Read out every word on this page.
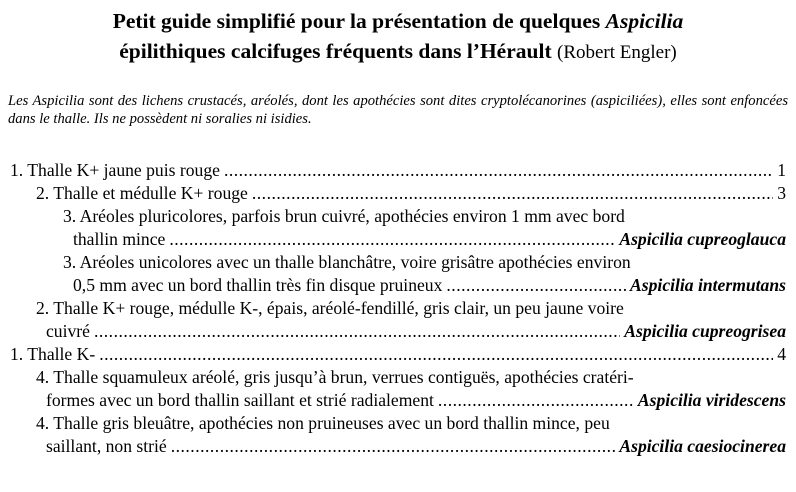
Petit guide simplifié pour la présentation de quelques Aspicilia
épilithiques calcifuges fréquents dans l’Hérault (Robert Engler)
Les Aspicilia sont des lichens crustacés, aréolés, dont les apothécies sont dites cryptolécanorines (aspiciliées), elles sont enfoncées dans le thalle. Ils ne possèdent ni soralies ni isidies.
1. Thalle K+ jaune puis rouge .....	1
2. Thalle et médulle K+ rouge .....	3
3. Aréoles pluricolores, parfois brun cuivré, apothécies environ 1 mm avec bord
thallin mince .....	Aspicilia cupreoglauca
3. Aréoles unicolores avec un thalle blanchâtre, voire grisâtre apothécies environ
0,5 mm avec un bord thallin très fin disque pruineux .....	Aspicilia intermutans
2. Thalle K+ rouge, médulle K-, épais, aréolé-fendillé, gris clair, un peu jaune voire
cuivré .....	Aspicilia cupreogrisea
1. Thalle K- .....	4
4. Thalle squamuleux aréolé, gris jusqu’à brun, verrues contiguës, apothécies cratéri-
formes avec un bord thallin saillant et strié radialement .....	Aspicilia viridescens
4. Thalle gris bleuâtre, apothécies non pruineuses avec un bord thallin mince, peu
saillant, non strié .....	Aspicilia caesiocinerea
